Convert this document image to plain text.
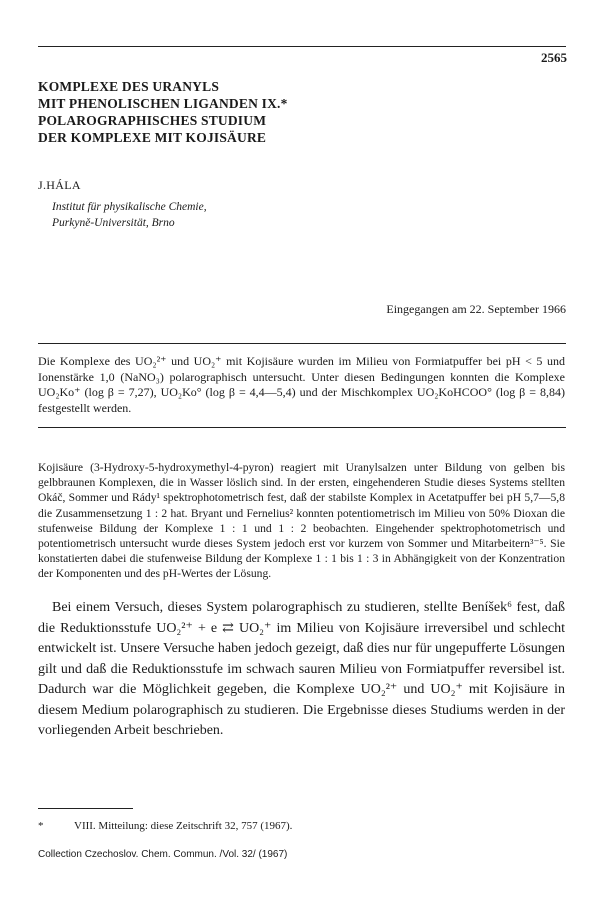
2565
KOMPLEXE DES URANYLS
MIT PHENOLISCHEN LIGANDEN IX.*
POLAROGRAPHISCHES STUDIUM
DER KOMPLEXE MIT KOJISÄURE
J.HÁLA
Institut für physikalische Chemie,
Purkyně-Universität, Brno
Eingegangen am 22. September 1966
Die Komplexe des UO₂²⁺ und UO₂⁺ mit Kojisäure wurden im Milieu von Formiatpuffer bei pH < 5 und Ionenstärke 1,0 (NaNO₃) polarographisch untersucht. Unter diesen Bedingungen konnten die Komplexe UO₂Ko⁺ (log β = 7,27), UO₂Ko° (log β = 4,4—5,4) und der Mischkomplex UO₂KoHCOO° (log β = 8,84) festgestellt werden.
Kojisäure (3-Hydroxy-5-hydroxymethyl-4-pyron) reagiert mit Uranylsalzen unter Bildung von gelben bis gelbbraunen Komplexen, die in Wasser löslich sind. In der ersten, eingehenderen Studie dieses Systems stellten Okáč, Sommer und Rády¹ spektrophotometrisch fest, daß der stabilste Komplex in Acetatpuffer bei pH 5,7—5,8 die Zusammensetzung 1 : 2 hat. Bryant und Fernelius² konnten potentiometrisch im Milieu von 50% Dioxan die stufenweise Bildung der Komplexe 1 : 1 und 1 : 2 beobachten. Eingehender spektrophotometrisch und potentiometrisch untersucht wurde dieses System jedoch erst vor kurzem von Sommer und Mitarbeitern³⁻⁵. Sie konstatierten dabei die stufenweise Bildung der Komplexe 1 : 1 bis 1 : 3 in Abhängigkeit von der Konzentration der Komponenten und des pH-Wertes der Lösung.
Bei einem Versuch, dieses System polarographisch zu studieren, stellte Beníšek⁶ fest, daß die Reduktionsstufe UO₂²⁺ + e ⇄ UO₂⁺ im Milieu von Kojisäure irreversibel und schlecht entwickelt ist. Unsere Versuche haben jedoch gezeigt, daß dies nur für ungepufferte Lösungen gilt und daß die Reduktionsstufe im schwach sauren Milieu von Formiatpuffer reversibel ist. Dadurch war die Möglichkeit gegeben, die Komplexe UO₂²⁺ und UO₂⁺ mit Kojisäure in diesem Medium polarographisch zu studieren. Die Ergebnisse dieses Studiums werden in der vorliegenden Arbeit beschrieben.
*	VIII. Mitteilung: diese Zeitschrift 32, 757 (1967).
Collection Czechoslov. Chem. Commun. /Vol. 32/ (1967)
